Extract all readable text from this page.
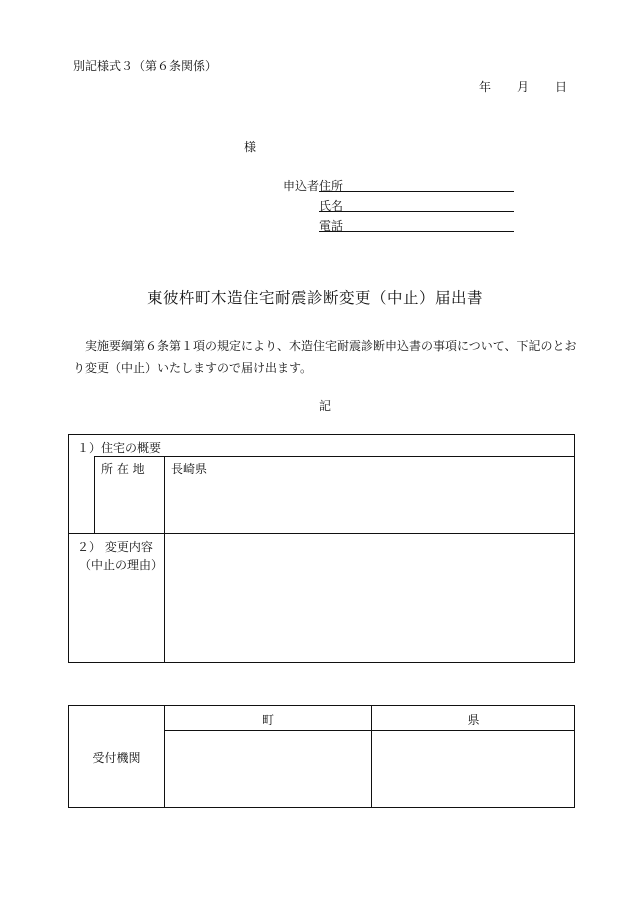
別記様式３（第６条関係）
年 月 日
様
申込者 住所
氏名
電話
東彼杵町木造住宅耐震診断変更（中止）届出書
実施要綱第６条第１項の規定により、木造住宅耐震診断申込書の事項について、下記のとおり変更（中止）いたしますので届け出ます。
記
１）住宅の概要
所 在 地 長崎県
２） 変更内容
（中止の理由）
受付機関
町	県
